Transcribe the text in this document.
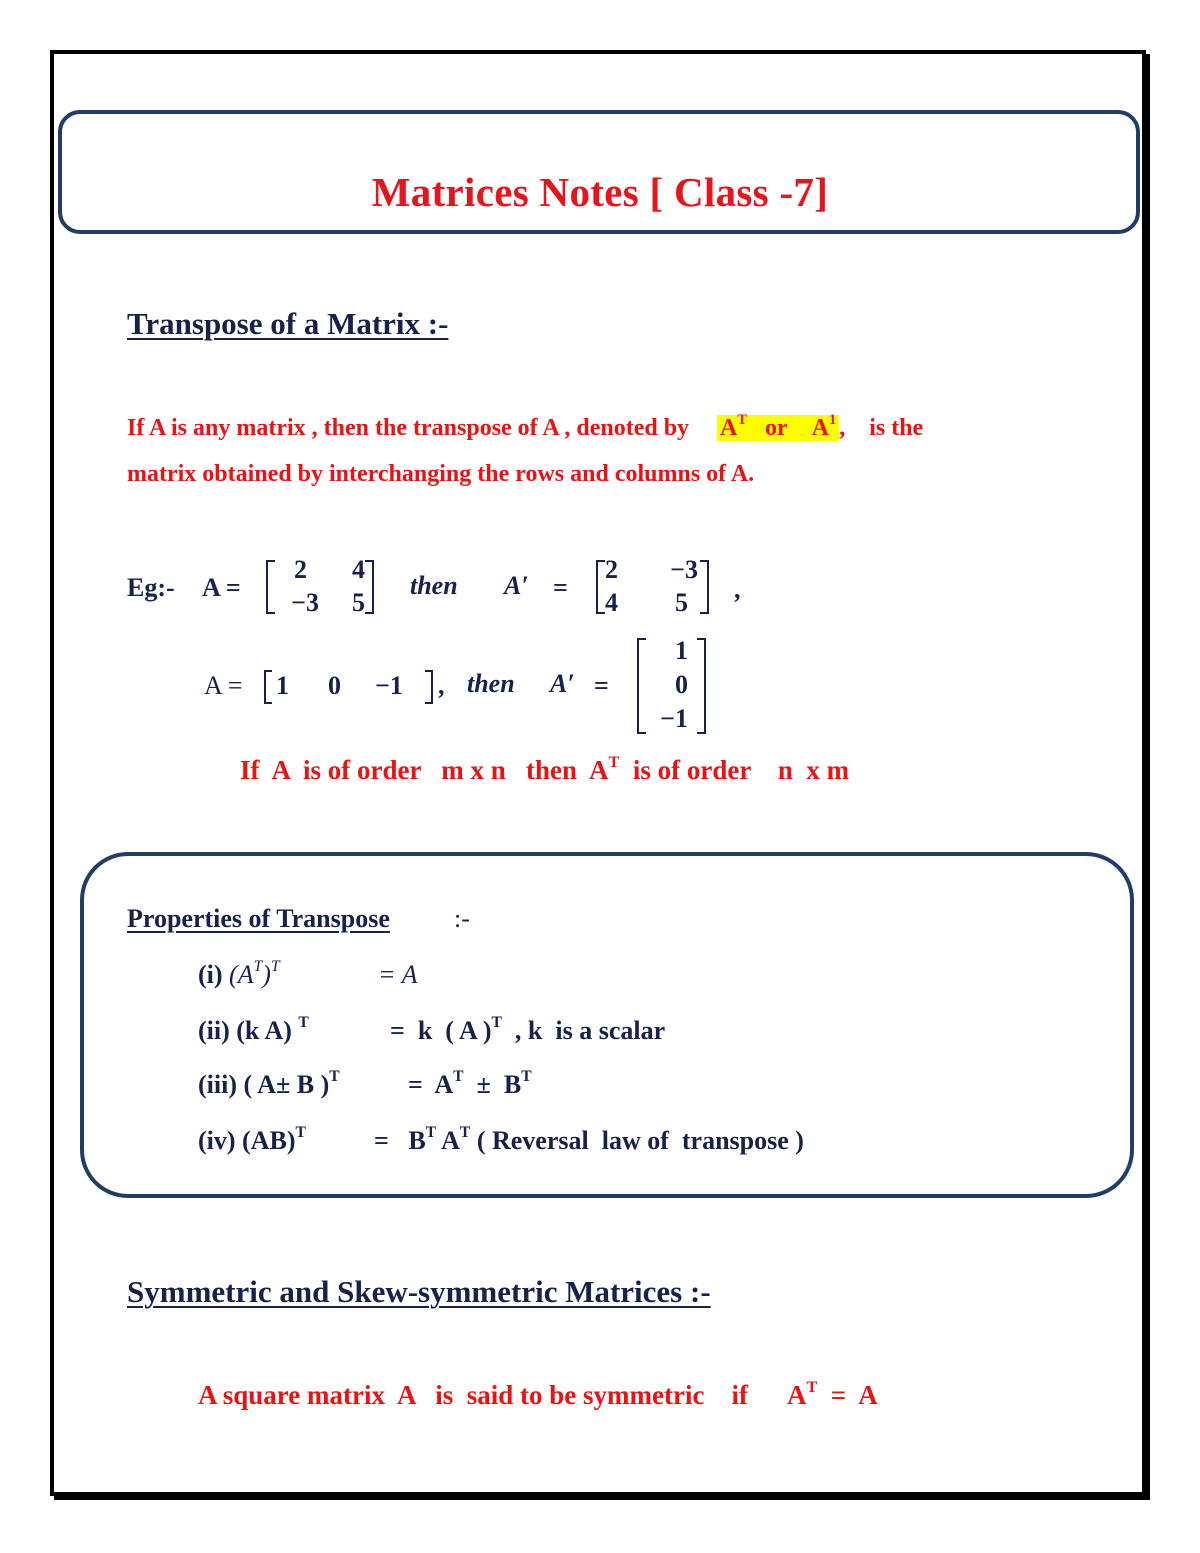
Matrices Notes [ Class -7]
Transpose of a Matrix :-
If A is any matrix , then the transpose of A , denoted by $A^T$ or $A^1$ ,    is the
matrix obtained by interchanging the rows and columns of A.
Eg:- A =
2	4
−3	5
then A′ =
2	−3
4	5 ,
A = 1	0	−1	, then A′ =
1
0
−1
If  A  is of order   m x n   then  $A^T$  is of order    n  x m
Properties of Transpose :-
(i) $(A^T)^T$	= A
(ii) (k A) $^T$	=  k  ( A )$^T$  , k  is a scalar
(iii) ( A± B )$^T$	=  $A^T \pm B^T$
(iv) (AB)$^T$	=   $B^T$ $A^T$ ( Reversal  law of  transpose )
Symmetric and Skew-symmetric Matrices :-
A square matrix  A   is  said to be symmetric    if      $A^T = A$
